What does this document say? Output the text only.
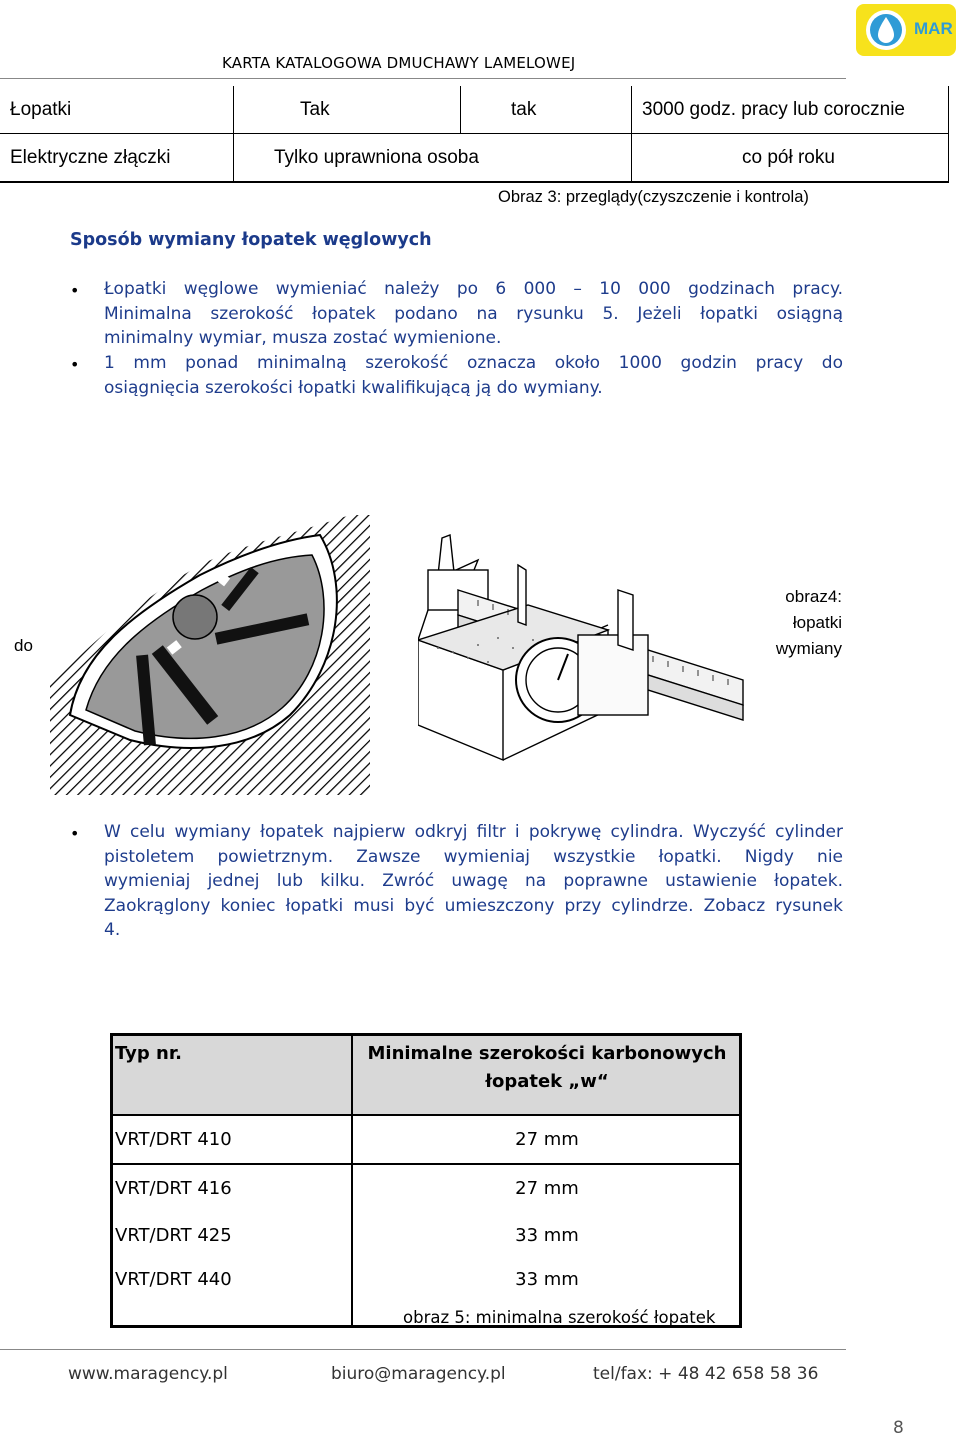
MAR
KARTA KATALOGOWA DMUCHAWY LAMELOWEJ
Łopatki	Tak	tak	3000 godz. pracy lub corocznie
Elektryczne złączki	Tylko uprawniona osoba		co pół roku
Obraz 3: przeglądy(czyszczenie i kontrola)
Sposób wymiany łopatek węglowych
• Łopatki węglowe wymieniać należy po 6 000 – 10 000 godzinach pracy.
Minimalna szerokość łopatek podano na rysunku 5. Jeżeli łopatki osiągną
minimalny wymiar, musza zostać wymienione.
• 1 mm ponad minimalną szerokość oznacza około 1000 godzin pracy do
osiągnięcia szerokości łopatki kwalifikującą ją do wymiany.
do
obraz4:
łopatki
wymiany
• W celu wymiany łopatek najpierw odkryj filtr i pokrywę cylindra. Wyczyść cylinder
pistoletem powietrznym. Zawsze wymieniaj wszystkie łopatki. Nigdy nie
wymieniaj jednej lub kilku. Zwróć uwagę na poprawne ustawienie łopatek.
Zaokrąglony koniec łopatki musi być umieszczony przy cylindrze. Zobacz rysunek
4.
Typ nr.	Minimalne szerokości karbonowych
łopatek „w“

VRT/DRT 410	27 mm
VRT/DRT 416	27 mm
VRT/DRT 425	33 mm
VRT/DRT 440	33 mm
obraz 5: minimalna szerokość łopatek
www.maragency.pl	biuro@maragency.pl	tel/fax: + 48 42 658 58 36
8
